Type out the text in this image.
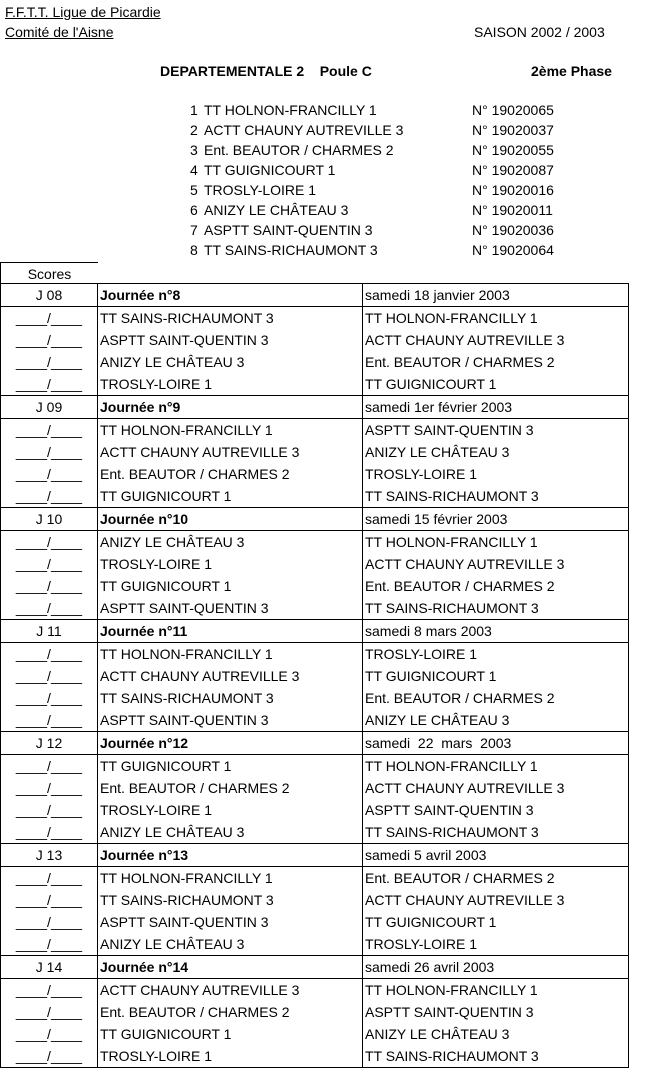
F.F.T.T. Ligue de Picardie
Comité de l'Aisne	SAISON 2002 / 2003
DEPARTEMENTALE 2    Poule C	2ème Phase
1 TT HOLNON-FRANCILLY 1	N° 19020065
2 ACTT CHAUNY AUTREVILLE 3	N° 19020037
3 Ent. BEAUTOR / CHARMES 2	N° 19020055
4 TT GUIGNICOURT 1	N° 19020087
5 TROSLY-LOIRE 1	N° 19020016
6 ANIZY LE CHÂTEAU 3	N° 19020011
7 ASPTT SAINT-QUENTIN 3	N° 19020036
8 TT SAINS-RICHAUMONT 3	N° 19020064
Scores
J 08	Journée n°8	samedi 18 janvier 2003
____/____	TT SAINS-RICHAUMONT 3	TT HOLNON-FRANCILLY 1
____/____	ASPTT SAINT-QUENTIN 3	ACTT CHAUNY AUTREVILLE 3
____/____	ANIZY LE CHÂTEAU 3	Ent. BEAUTOR / CHARMES 2
____/____	TROSLY-LOIRE 1	TT GUIGNICOURT 1
J 09	Journée n°9	samedi 1er février 2003
____/____	TT HOLNON-FRANCILLY 1	ASPTT SAINT-QUENTIN 3
____/____	ACTT CHAUNY AUTREVILLE 3	ANIZY LE CHÂTEAU 3
____/____	Ent. BEAUTOR / CHARMES 2	TROSLY-LOIRE 1
____/____	TT GUIGNICOURT 1	TT SAINS-RICHAUMONT 3
J 10	Journée n°10	samedi 15 février 2003
____/____	ANIZY LE CHÂTEAU 3	TT HOLNON-FRANCILLY 1
____/____	TROSLY-LOIRE 1	ACTT CHAUNY AUTREVILLE 3
____/____	TT GUIGNICOURT 1	Ent. BEAUTOR / CHARMES 2
____/____	ASPTT SAINT-QUENTIN 3	TT SAINS-RICHAUMONT 3
J 11	Journée n°11	samedi 8 mars 2003
____/____	TT HOLNON-FRANCILLY 1	TROSLY-LOIRE 1
____/____	ACTT CHAUNY AUTREVILLE 3	TT GUIGNICOURT 1
____/____	TT SAINS-RICHAUMONT 3	Ent. BEAUTOR / CHARMES 2
____/____	ASPTT SAINT-QUENTIN 3	ANIZY LE CHÂTEAU 3
J 12	Journée n°12	samedi  22  mars  2003
____/____	TT GUIGNICOURT 1	TT HOLNON-FRANCILLY 1
____/____	Ent. BEAUTOR / CHARMES 2	ACTT CHAUNY AUTREVILLE 3
____/____	TROSLY-LOIRE 1	ASPTT SAINT-QUENTIN 3
____/____	ANIZY LE CHÂTEAU 3	TT SAINS-RICHAUMONT 3
J 13	Journée n°13	samedi 5 avril 2003
____/____	TT HOLNON-FRANCILLY 1	Ent. BEAUTOR / CHARMES 2
____/____	TT SAINS-RICHAUMONT 3	ACTT CHAUNY AUTREVILLE 3
____/____	ASPTT SAINT-QUENTIN 3	TT GUIGNICOURT 1
____/____	ANIZY LE CHÂTEAU 3	TROSLY-LOIRE 1
J 14	Journée n°14	samedi 26 avril 2003
____/____	ACTT CHAUNY AUTREVILLE 3	TT HOLNON-FRANCILLY 1
____/____	Ent. BEAUTOR / CHARMES 2	ASPTT SAINT-QUENTIN 3
____/____	TT GUIGNICOURT 1	ANIZY LE CHÂTEAU 3
____/____	TROSLY-LOIRE 1	TT SAINS-RICHAUMONT 3
